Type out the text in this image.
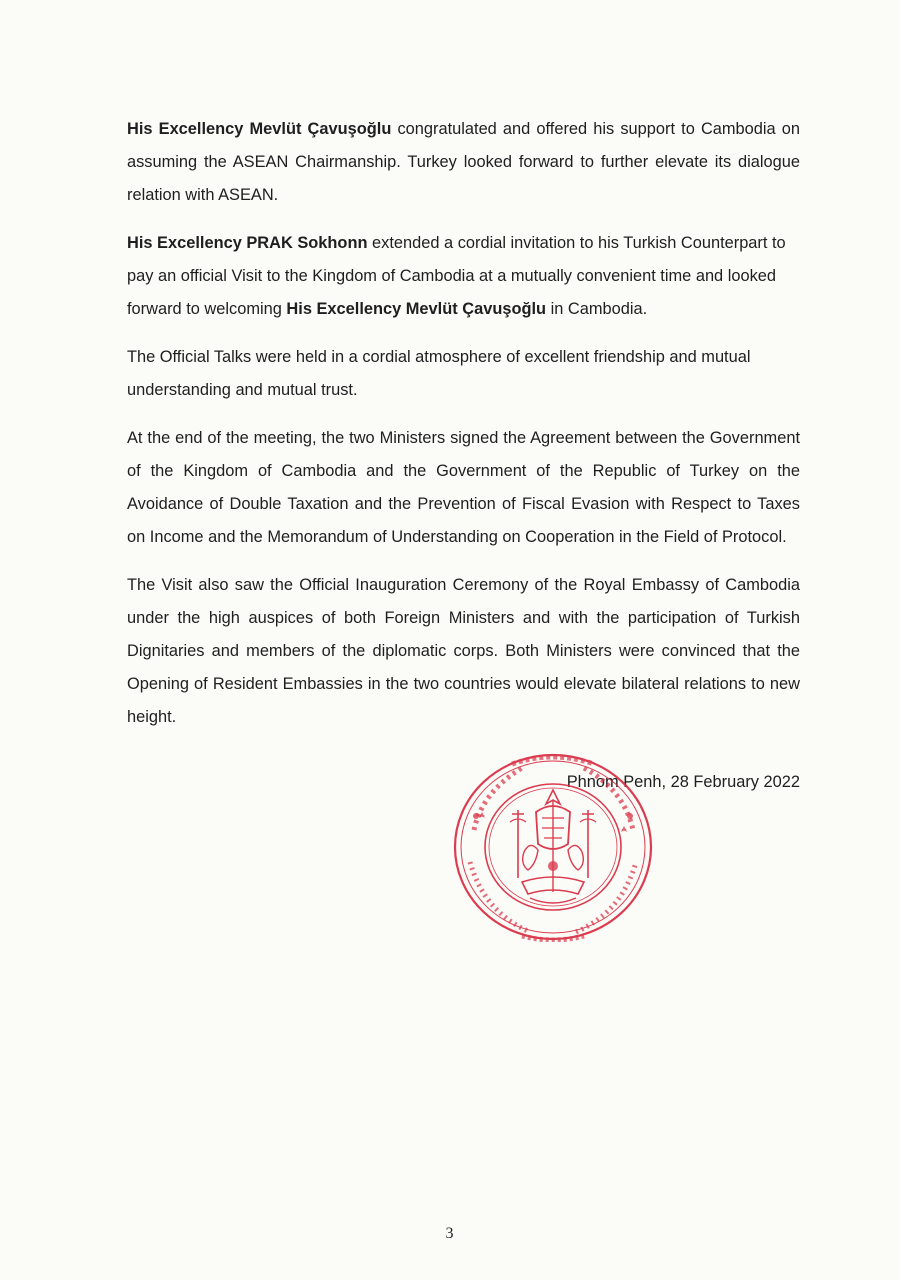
His Excellency Mevlüt Çavuşoğlu congratulated and offered his support to Cambodia on assuming the ASEAN Chairmanship. Turkey looked forward to further elevate its dialogue relation with ASEAN.

His Excellency PRAK Sokhonn extended a cordial invitation to his Turkish Counterpart to pay an official Visit to the Kingdom of Cambodia at a mutually convenient time and looked forward to welcoming His Excellency Mevlüt Çavuşoğlu in Cambodia.

The Official Talks were held in a cordial atmosphere of excellent friendship and mutual understanding and mutual trust.

At the end of the meeting, the two Ministers signed the Agreement between the Government of the Kingdom of Cambodia and the Government of the Republic of Turkey on the Avoidance of Double Taxation and the Prevention of Fiscal Evasion with Respect to Taxes on Income and the Memorandum of Understanding on Cooperation in the Field of Protocol.

The Visit also saw the Official Inauguration Ceremony of the Royal Embassy of Cambodia under the high auspices of both Foreign Ministers and with the participation of Turkish Dignitaries and members of the diplomatic corps. Both Ministers were convinced that the Opening of Resident Embassies in the two countries would elevate bilateral relations to new height.

Phnom Penh, 28 February 2022
3
